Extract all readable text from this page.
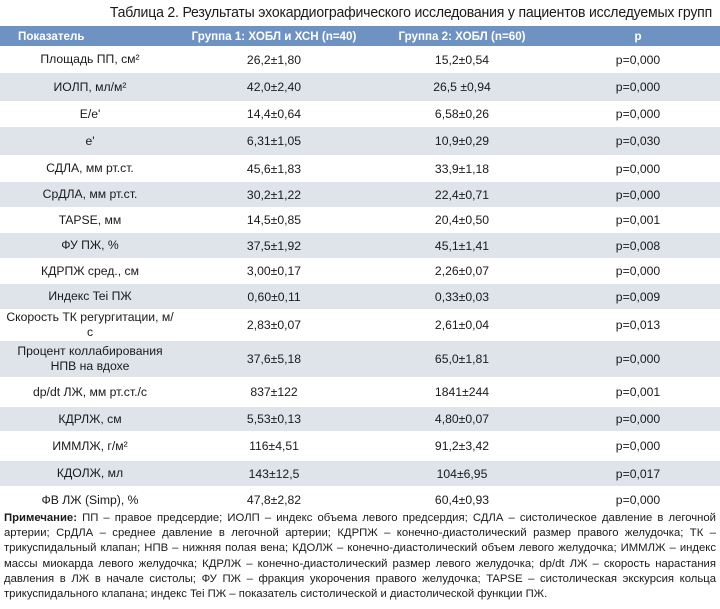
Таблица 2. Результаты эхокардиографического исследования у пациентов исследуемых групп
Показатель	Группа 1: ХОБЛ и ХСН (n=40)	Группа 2: ХОБЛ (n=60)	p
Площадь ПП, см²	26,2±1,80	15,2±0,54	p=0,000
ИОЛП, мл/м²	42,0±2,40	26,5 ±0,94	p=0,000
E/e'	14,4±0,64	6,58±0,26	p=0,000
e'	6,31±1,05	10,9±0,29	p=0,030
СДЛА, мм рт.ст.	45,6±1,83	33,9±1,18	p=0,000
СрДЛА, мм рт.ст.	30,2±1,22	22,4±0,71	p=0,000
TAPSE, мм	14,5±0,85	20,4±0,50	p=0,001
ФУ ПЖ, %	37,5±1,92	45,1±1,41	p=0,008
КДРПЖ сред., см	3,00±0,17	2,26±0,07	p=0,000
Индекс Tei ПЖ	0,60±0,11	0,33±0,03	p=0,009
Скорость ТК регургитации, м/с	2,83±0,07	2,61±0,04	p=0,013
Процент коллабирования НПВ на вдохе	37,6±5,18	65,0±1,81	p=0,000
dp/dt ЛЖ, мм рт.ст./с	837±122	1841±244	p=0,001
КДРЛЖ, см	5,53±0,13	4,80±0,07	p=0,000
ИММЛЖ, г/м²	116±4,51	91,2±3,42	p=0,000
КДОЛЖ, мл	143±12,5	104±6,95	p=0,017
ФВ ЛЖ (Simp), %	47,8±2,82	60,4±0,93	p=0,000
Примечание: ПП – правое предсердие; ИОЛП – индекс объема левого предсердия; СДЛА – систолическое давление в легочной артерии; СрДЛА – среднее давление в легочной артерии; КДРПЖ – конечно-диастолический размер правого желудочка; ТК – трикуспидальный клапан; НПВ – нижняя полая вена; КДОЛЖ – конечно-диастолический объем левого желудочка; ИММЛЖ – индекс массы миокарда левого желудочка; КДРЛЖ – конечно-диастолический размер левого желудочка; dp/dt ЛЖ – скорость нарастания давления в ЛЖ в начале систолы; ФУ ПЖ – фракция укорочения правого желудочка; TAPSE – систолическая экскурсия кольца трикуспидального клапана; индекс Tei ПЖ – показатель систолической и диастолической функции ПЖ.
